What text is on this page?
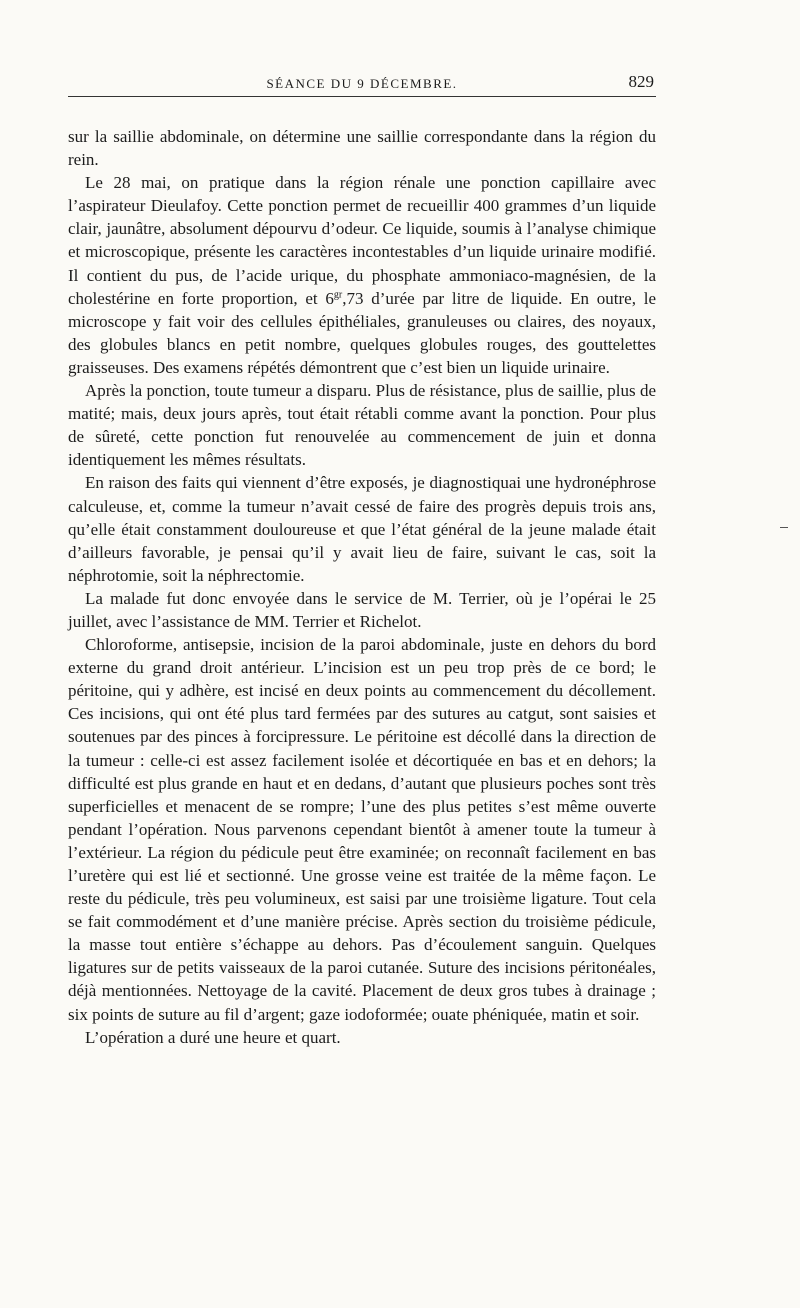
SÉANCE DU 9 DÉCEMBRE.	829

sur la saillie abdominale, on détermine une saillie correspondante dans la région du rein.

Le 28 mai, on pratique dans la région rénale une ponction capillaire avec l’aspirateur Dieulafoy. Cette ponction permet de recueillir 400 grammes d’un liquide clair, jaunâtre, absolument dépourvu d’odeur. Ce liquide, soumis à l’analyse chimique et microscopique, présente les caractères incontestables d’un liquide urinaire modifié. Il contient du pus, de l’acide urique, du phosphate ammoniaco-magnésien, de la cholestérine en forte proportion, et $6^{gr},73$ d’urée par litre de liquide. En outre, le microscope y fait voir des cellules épithéliales, granuleuses ou claires, des noyaux, des globules blancs en petit nombre, quelques globules rouges, des gouttelettes graisseuses. Des examens répétés démontrent que c’est bien un liquide urinaire.

Après la ponction, toute tumeur a disparu. Plus de résistance, plus de saillie, plus de matité; mais, deux jours après, tout était rétabli comme avant la ponction. Pour plus de sûreté, cette ponction fut renouvelée au commencement de juin et donna identiquement les mêmes résultats.

En raison des faits qui viennent d’être exposés, je diagnostiquai une hydronéphrose calculeuse, et, comme la tumeur n’avait cessé de faire des progrès depuis trois ans, qu’elle était constamment douloureuse et que l’état général de la jeune malade était d’ailleurs favorable, je pensai qu’il y avait lieu de faire, suivant le cas, soit la néphrotomie, soit la néphrectomie.

La malade fut donc envoyée dans le service de M. Terrier, où je l’opérai le 25 juillet, avec l’assistance de MM. Terrier et Richelot.

Chloroforme, antisepsie, incision de la paroi abdominale, juste en dehors du bord externe du grand droit antérieur. L’incision est un peu trop près de ce bord; le péritoine, qui y adhère, est incisé en deux points au commencement du décollement. Ces incisions, qui ont été plus tard fermées par des sutures au catgut, sont saisies et soutenues par des pinces à forcipressure. Le péritoine est décollé dans la direction de la tumeur : celle-ci est assez facilement isolée et décortiquée en bas et en dehors; la difficulté est plus grande en haut et en dedans, d’autant que plusieurs poches sont très superficielles et menacent de se rompre; l’une des plus petites s’est même ouverte pendant l’opération. Nous parvenons cependant bientôt à amener toute la tumeur à l’extérieur. La région du pédicule peut être examinée; on reconnaît facilement en bas l’uretère qui est lié et sectionné. Une grosse veine est traitée de la même façon. Le reste du pédicule, très peu volumineux, est saisi par une troisième ligature. Tout cela se fait commodément et d’une manière précise. Après section du troisième pédicule, la masse tout entière s’échappe au dehors. Pas d’écoulement sanguin. Quelques ligatures sur de petits vaisseaux de la paroi cutanée. Suture des incisions péritonéales, déjà mentionnées. Nettoyage de la cavité. Placement de deux gros tubes à drainage ; six points de suture au fil d’argent; gaze iodoformée; ouate phéniquée, matin et soir.

L’opération a duré une heure et quart.
